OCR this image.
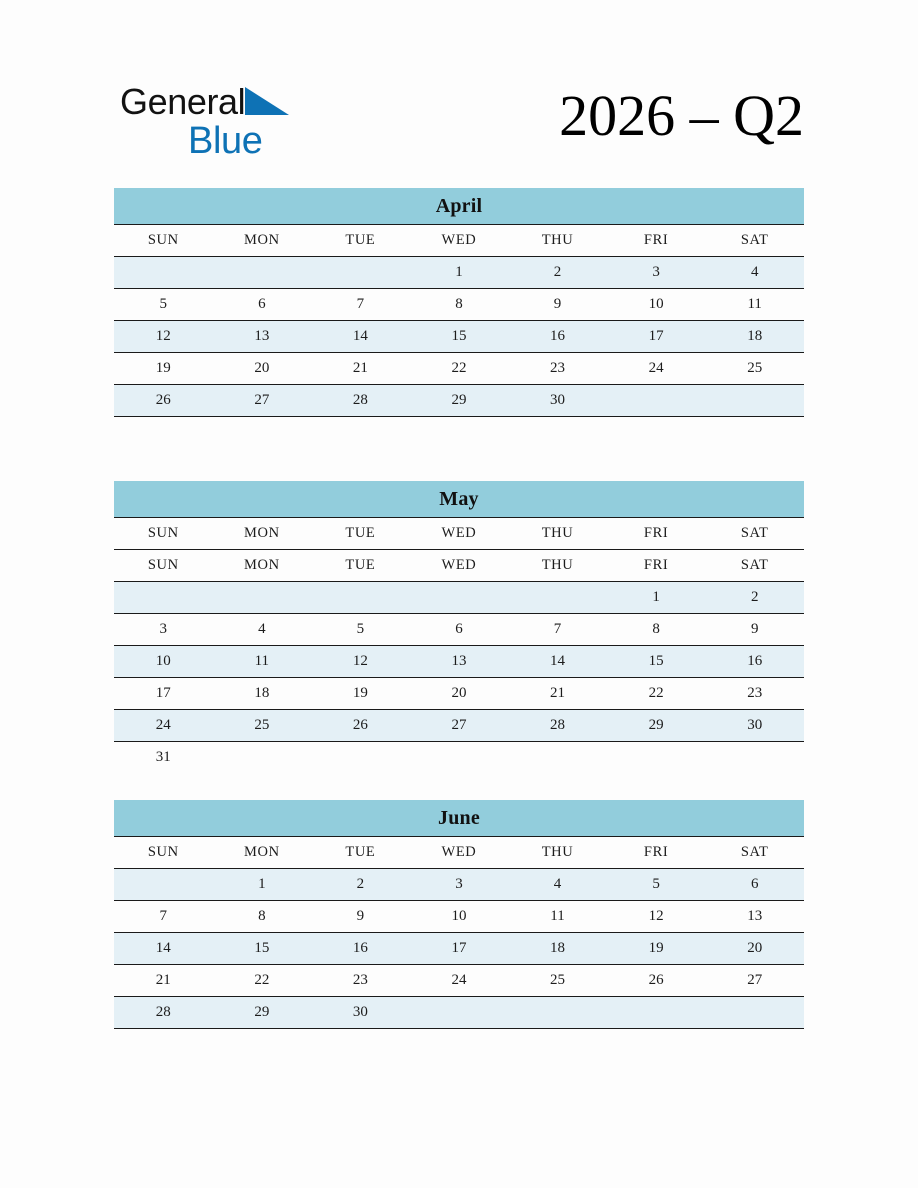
General
Blue	2026 – Q2
April
SUN	MON	TUE	WED	THU	FRI	SAT
			1	2	3	4
5	6	7	8	9	10	11
12	13	14	15	16	17	18
19	20	21	22	23	24	25
26	27	28	29	30		
May
SUN	MON	TUE	WED	THU	FRI	SAT
SUN	MON	TUE	WED	THU	FRI	SAT
					1	2
3	4	5	6	7	8	9
10	11	12	13	14	15	16
17	18	19	20	21	22	23
24	25	26	27	28	29	30
31						
June
SUN	MON	TUE	WED	THU	FRI	SAT
	1	2	3	4	5	6
7	8	9	10	11	12	13
14	15	16	17	18	19	20
21	22	23	24	25	26	27
28	29	30				
